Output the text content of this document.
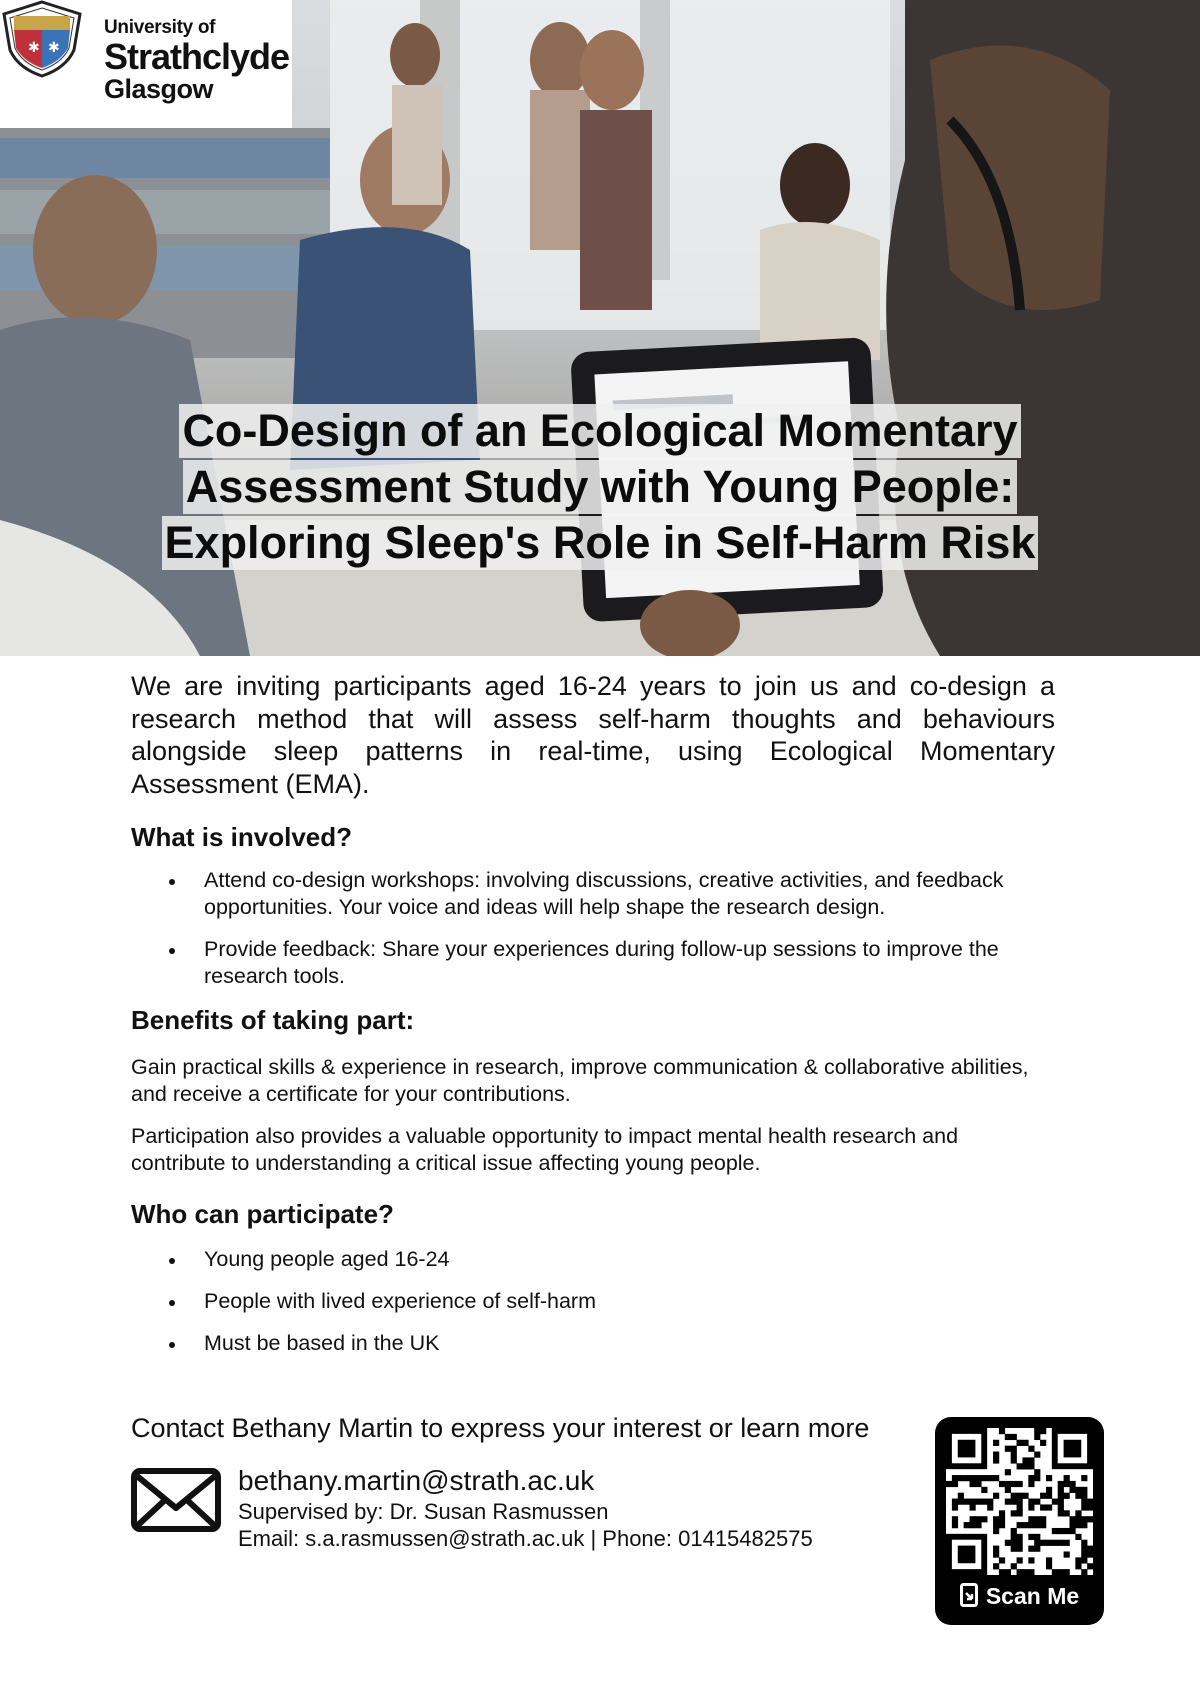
✱ ✱
University of
Strathclyde
Glasgow
Co-Design of an Ecological Momentary
Assessment Study with Young People:
Exploring Sleep's Role in Self-Harm Risk

We are inviting participants aged 16-24 years to join us and co-design a research method that will assess self-harm thoughts and behaviours alongside sleep patterns in real-time, using Ecological Momentary Assessment (EMA).

What is involved?
Attend co-design workshops: involving discussions, creative activities, and feedback opportunities. Your voice and ideas will help shape the research design.
Provide feedback: Share your experiences during follow-up sessions to improve the research tools.
Benefits of taking part:

Gain practical skills & experience in research, improve communication & collaborative abilities, and receive a certificate for your contributions.

Participation also provides a valuable opportunity to impact mental health research and contribute to understanding a critical issue affecting young people.

Who can participate?
Young people aged 16-24
People with lived experience of self-harm
Must be based in the UK
Contact Bethany Martin to express your interest or learn more
bethany.martin@strath.ac.uk
Supervised by: Dr. Susan Rasmussen
Email: s.a.rasmussen@strath.ac.uk | Phone: 01415482575
Scan Me
